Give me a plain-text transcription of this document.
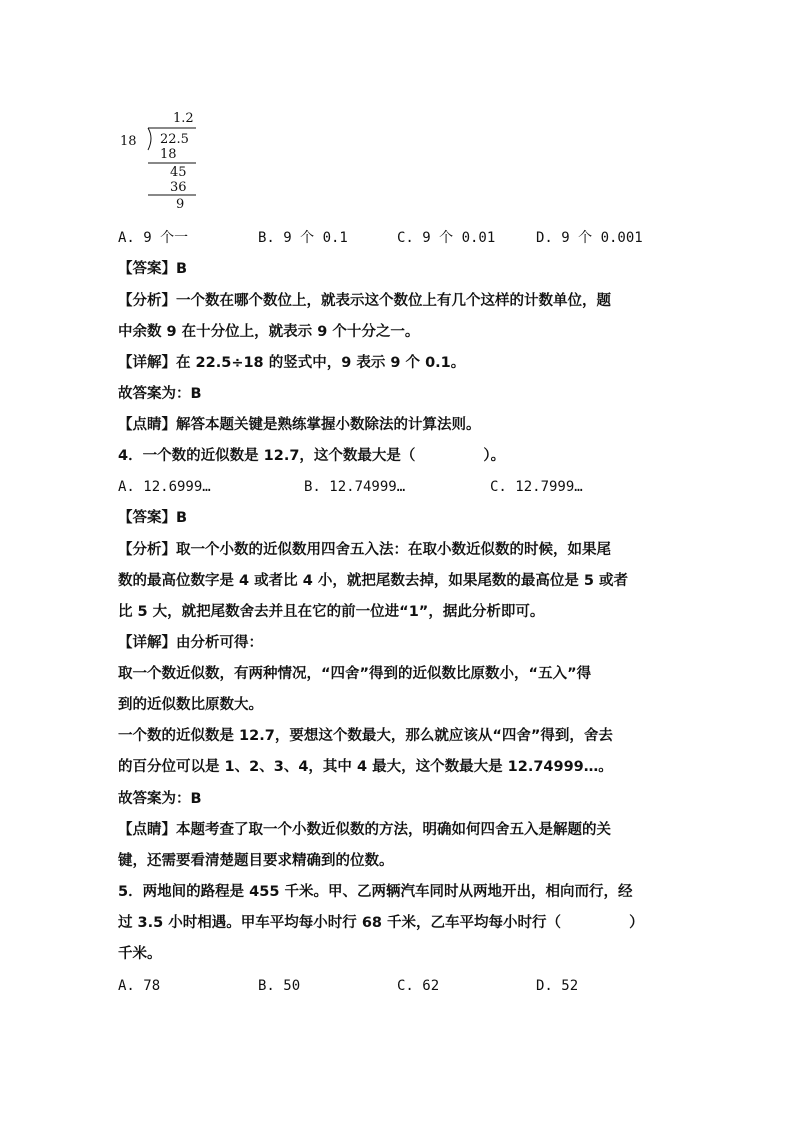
1.2
18 22.5
18
45
36
9
A. 9 个一	B. 9 个 0.1	C. 9 个 0.01	D. 9 个 0.001
【答案】B
【分析】一个数在哪个数位上，就表示这个数位上有几个这样的计数单位，题
中余数 9 在十分位上，就表示 9 个十分之一。
【详解】在 22.5÷18 的竖式中，9 表示 9 个 0.1。
故答案为：B
【点睛】解答本题关键是熟练掌握小数除法的计算法则。
4．一个数的近似数是 12.7，这个数最大是（	）。
A. 12.6999…	B. 12.74999…	C. 12.7999…
【答案】B
【分析】取一个小数的近似数用四舍五入法：在取小数近似数的时候，如果尾
数的最高位数字是 4 或者比 4 小，就把尾数去掉，如果尾数的最高位是 5 或者
比 5 大，就把尾数舍去并且在它的前一位进“1”，据此分析即可。
【详解】由分析可得：
取一个数近似数，有两种情况，“四舍”得到的近似数比原数小，“五入”得
到的近似数比原数大。
一个数的近似数是 12.7，要想这个数最大，那么就应该从“四舍”得到，舍去
的百分位可以是 1、2、3、4，其中 4 最大，这个数最大是 12.74999…。
故答案为：B
【点睛】本题考查了取一个小数近似数的方法，明确如何四舍五入是解题的关
键，还需要看清楚题目要求精确到的位数。
5．两地间的路程是 455 千米。甲、乙两辆汽车同时从两地开出，相向而行，经
过 3.5 小时相遇。甲车平均每小时行 68 千米，乙车平均每小时行（	）
千米。
A. 78	B. 50	C. 62	D. 52
